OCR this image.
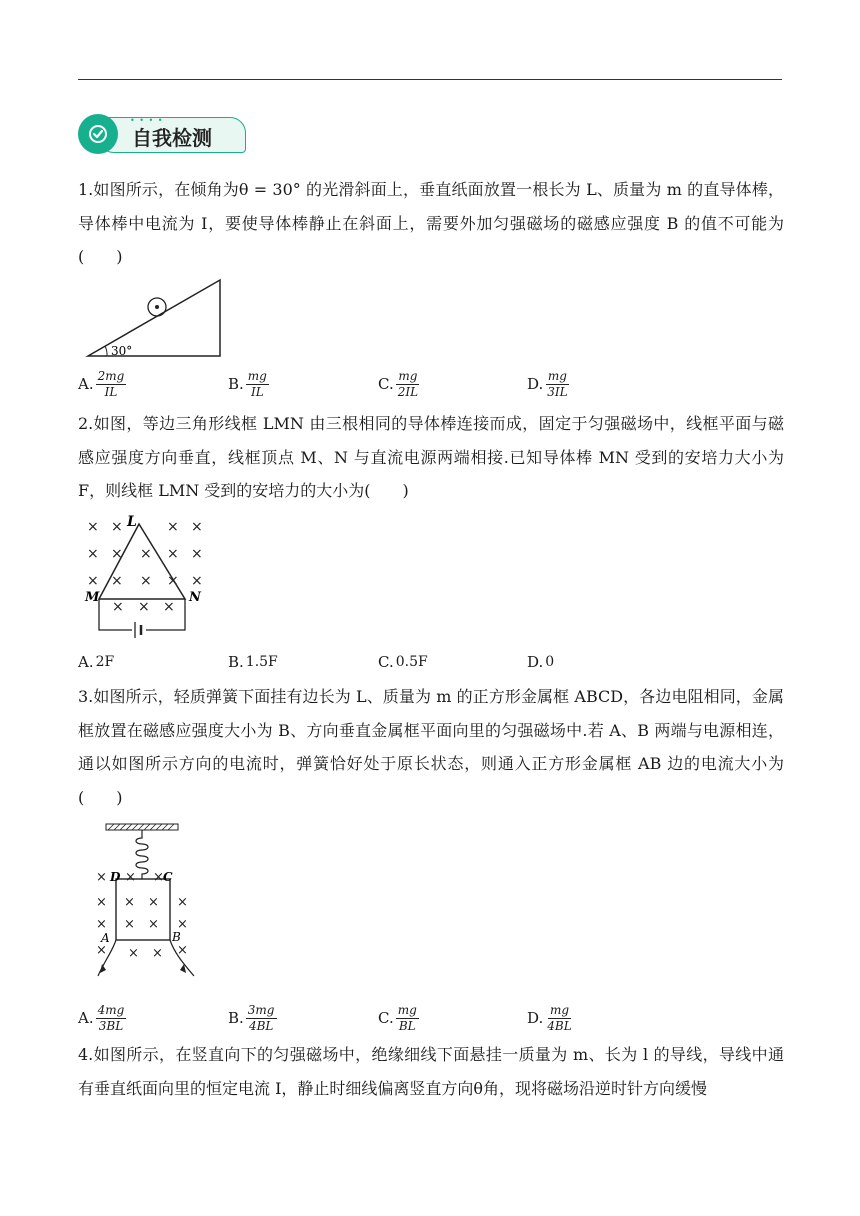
• • • •
自我检测
1.如图所示，在倾角为θ = 30° 的光滑斜面上，垂直纸面放置一根长为 L、质量为 m 的直导体棒，导体棒中电流为 I，要使导体棒静止在斜面上，需要外加匀强磁场的磁感应强度 B 的值不可能为(　　)
30°
A. $\frac{2mg}{IL}$	B. $\frac{mg}{IL}$	C. $\frac{mg}{2IL}$	D. $\frac{mg}{3IL}$
2.如图，等边三角形线框 LMN 由三根相同的导体棒连接而成，固定于匀强磁场中，线框平面与磁感应强度方向垂直，线框顶点 M、N 与直流电源两端相接.已知导体棒 MN 受到的安培力大小为 F，则线框 LMN 受到的安培力的大小为(　　)
× ×	× ×
× × × × ×
× × × × ×
× × ×
L
M	N
A. 2F	B. 1.5F	C. 0.5F	D. 0
3.如图所示，轻质弹簧下面挂有边长为 L、质量为 m 的正方形金属框 ABCD，各边电阻相同，金属框放置在磁感应强度大小为 B、方向垂直金属框平面向里的匀强磁场中.若 A、B 两端与电源相连，通以如图所示方向的电流时，弹簧恰好处于原长状态，则通入正方形金属框 AB 边的电流大小为(　　)
× × ×
× × × ×
× × × ×
× × × ×
D	C
A	B
A. $\frac{4mg}{3BL}$	B. $\frac{3mg}{4BL}$	C. $\frac{mg}{BL}$	D. $\frac{mg}{4BL}$
4.如图所示，在竖直向下的匀强磁场中，绝缘细线下面悬挂一质量为 m、长为 l 的导线，导线中通有垂直纸面向里的恒定电流 I，静止时细线偏离竖直方向θ角，现将磁场沿逆时针方向缓慢
